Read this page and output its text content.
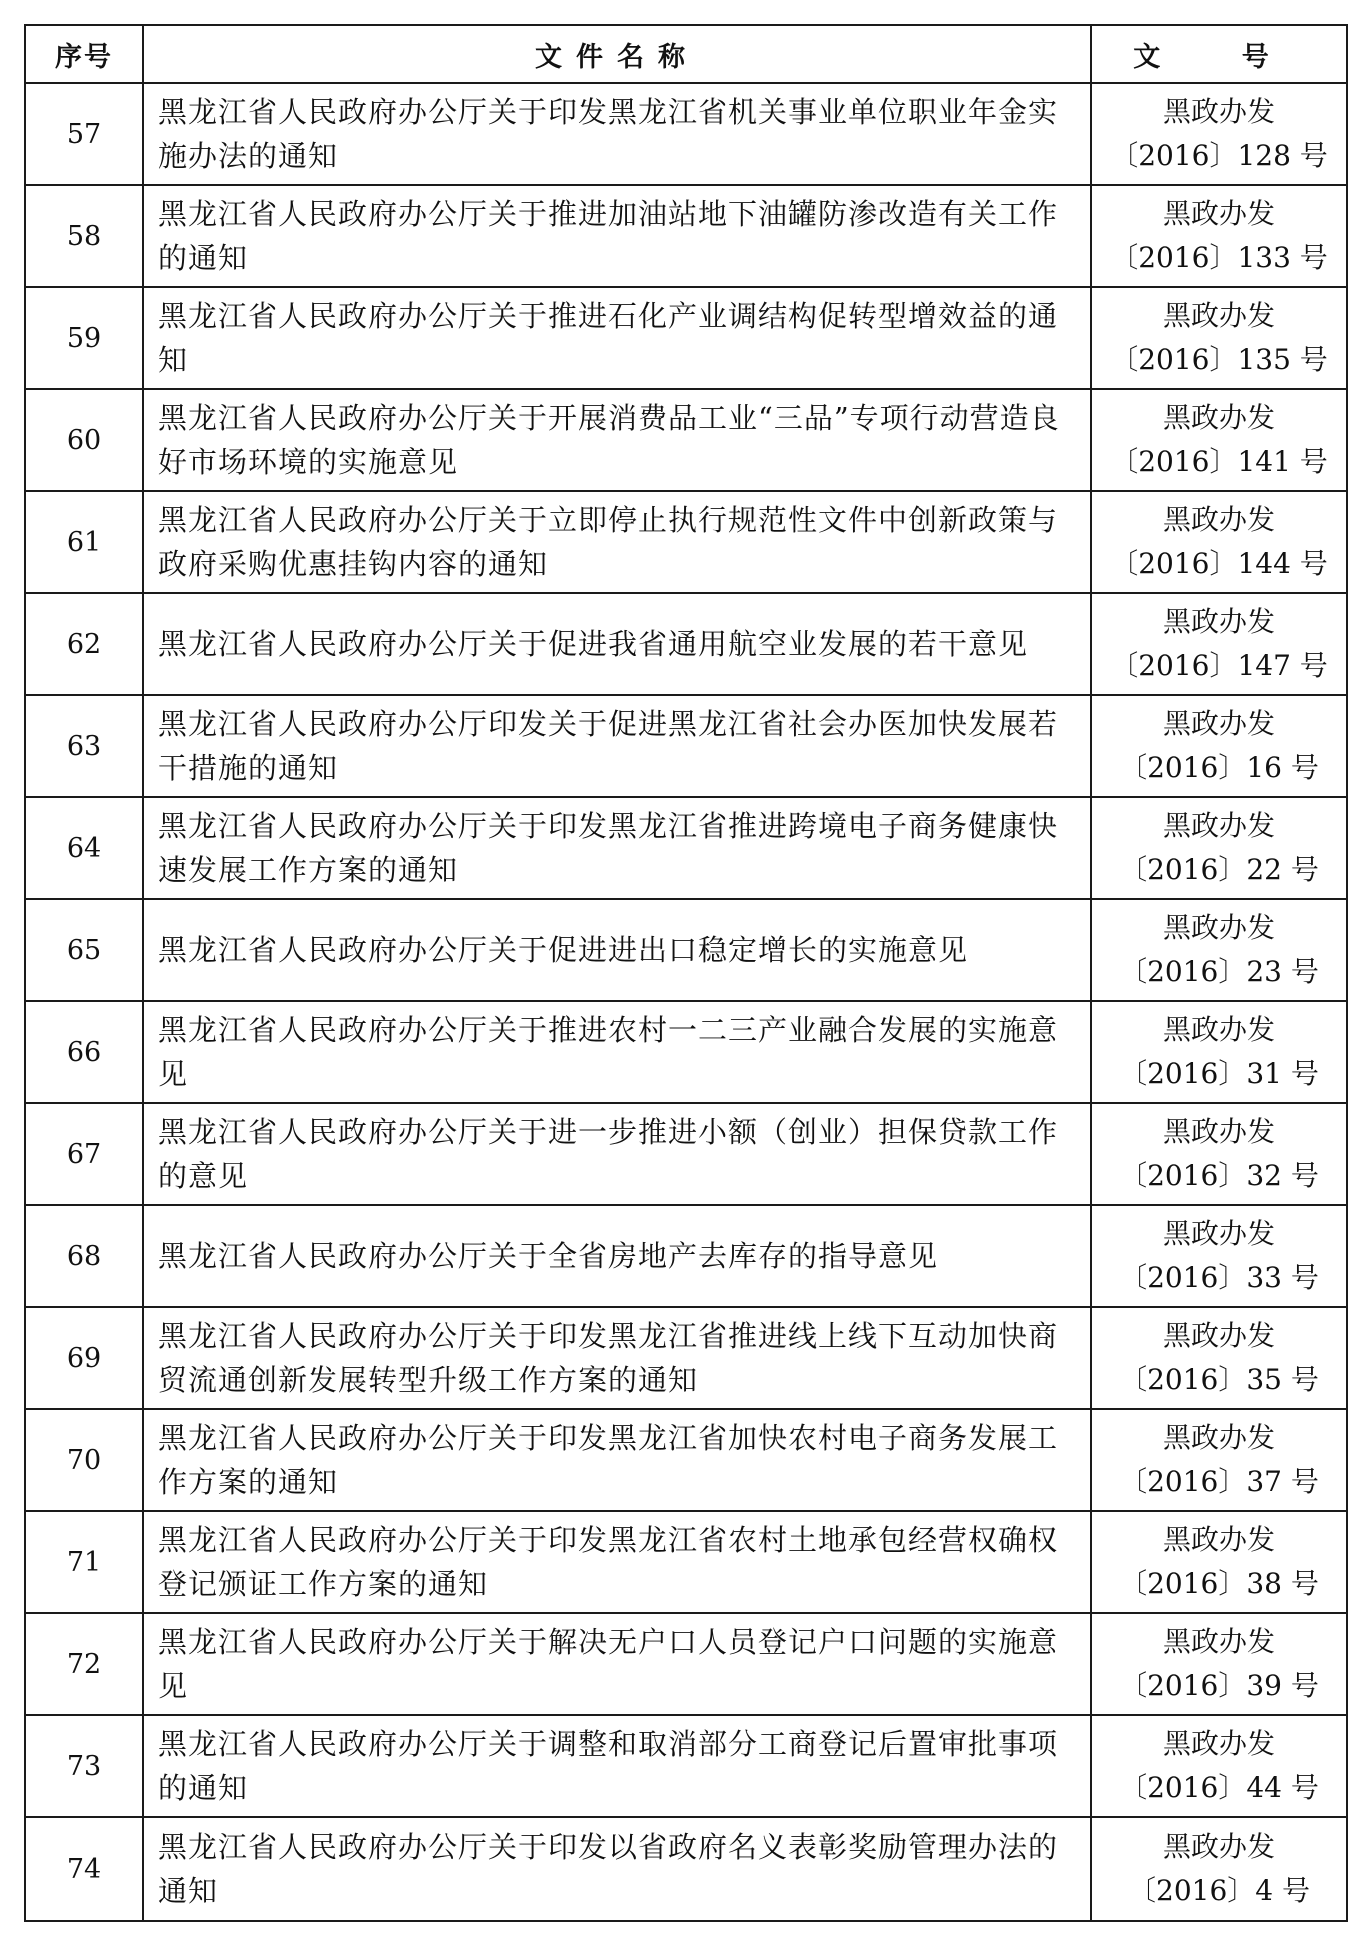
序号	文件名称	文 号
57	黑龙江省人民政府办公厅关于印发黑龙江省机关事业单位职业年金实施办法的通知	黑政办发
〔2016〕128 号

58	黑龙江省人民政府办公厅关于推进加油站地下油罐防渗改造有关工作的通知	黑政办发
〔2016〕133 号

59	黑龙江省人民政府办公厅关于推进石化产业调结构促转型增效益的通知	黑政办发
〔2016〕135 号

60	黑龙江省人民政府办公厅关于开展消费品工业“三品”专项行动营造良好市场环境的实施意见	黑政办发
〔2016〕141 号

61	黑龙江省人民政府办公厅关于立即停止执行规范性文件中创新政策与政府采购优惠挂钩内容的通知	黑政办发
〔2016〕144 号

62	黑龙江省人民政府办公厅关于促进我省通用航空业发展的若干意见	黑政办发
〔2016〕147 号

63	黑龙江省人民政府办公厅印发关于促进黑龙江省社会办医加快发展若干措施的通知	黑政办发
〔2016〕16 号

64	黑龙江省人民政府办公厅关于印发黑龙江省推进跨境电子商务健康快速发展工作方案的通知	黑政办发
〔2016〕22 号

65	黑龙江省人民政府办公厅关于促进进出口稳定增长的实施意见	黑政办发
〔2016〕23 号

66	黑龙江省人民政府办公厅关于推进农村一二三产业融合发展的实施意见	黑政办发
〔2016〕31 号

67	黑龙江省人民政府办公厅关于进一步推进小额（创业）担保贷款工作的意见	黑政办发
〔2016〕32 号

68	黑龙江省人民政府办公厅关于全省房地产去库存的指导意见	黑政办发
〔2016〕33 号

69	黑龙江省人民政府办公厅关于印发黑龙江省推进线上线下互动加快商贸流通创新发展转型升级工作方案的通知	黑政办发
〔2016〕35 号

70	黑龙江省人民政府办公厅关于印发黑龙江省加快农村电子商务发展工作方案的通知	黑政办发
〔2016〕37 号

71	黑龙江省人民政府办公厅关于印发黑龙江省农村土地承包经营权确权登记颁证工作方案的通知	黑政办发
〔2016〕38 号

72	黑龙江省人民政府办公厅关于解决无户口人员登记户口问题的实施意见	黑政办发
〔2016〕39 号

73	黑龙江省人民政府办公厅关于调整和取消部分工商登记后置审批事项的通知	黑政办发
〔2016〕44 号

74	黑龙江省人民政府办公厅关于印发以省政府名义表彰奖励管理办法的通知	黑政办发
〔2016〕4 号
